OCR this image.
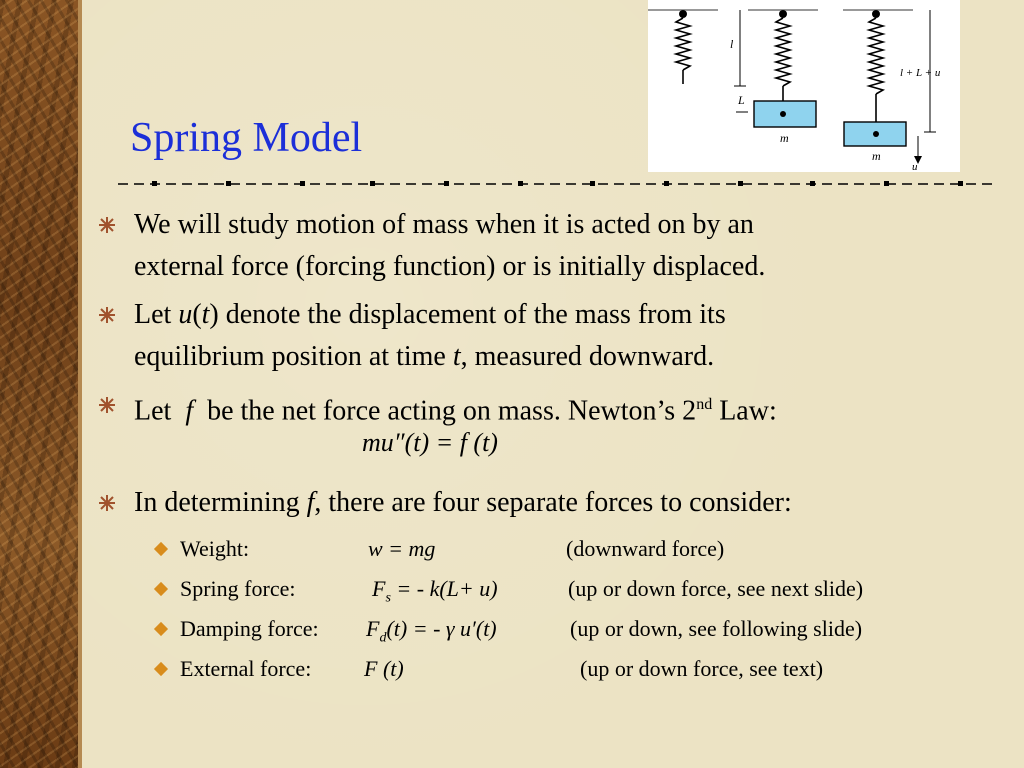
l
L
m
m
l + L + u
u
Spring Model
We will study motion of mass when it is acted on by an
external force (forcing function) or is initially displaced.
Let u(t) denote the displacement of the mass from its
equilibrium position at time t, measured downward.
Let  f  be the net force acting on mass. Newton’s 2nd Law:
mu″(t) = f (t)
In determining f, there are four separate forces to consider:
Weight:	w = mg	(downward force)
Spring force:	$F_s$ = - k(L+ u)	(up or down force, see next slide)
Damping force: $F_d(t)$ = - γ u′(t)	(up or down, see following slide)
External force: F (t)	(up or down force, see text)
